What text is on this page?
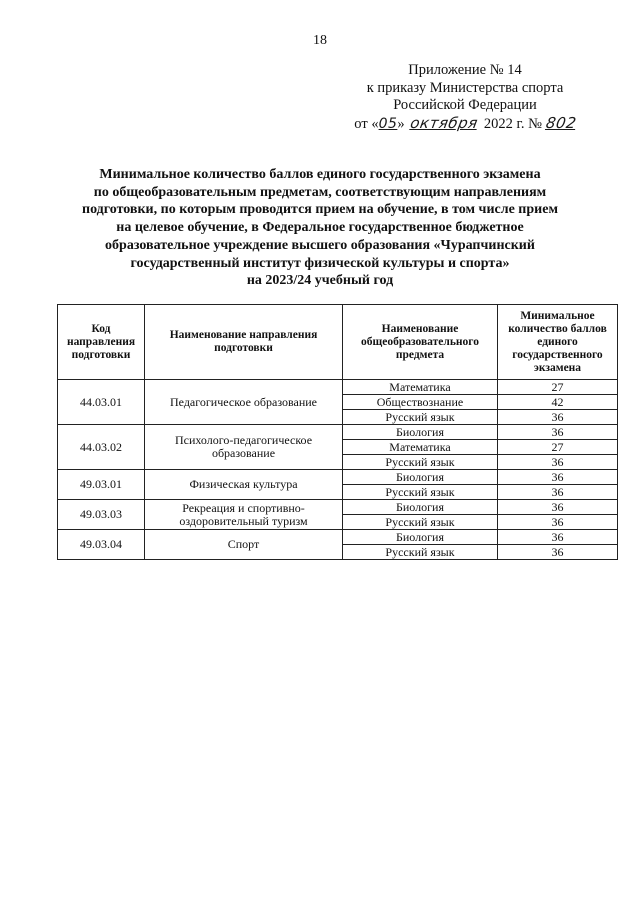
18
Приложение № 14
к приказу Министерства спорта
Российской Федерации
от «05» октября 2022 г. № 802
Минимальное количество баллов единого государственного экзамена
по общеобразовательным предметам, соответствующим направлениям
подготовки, по которым проводится прием на обучение, в том числе прием
на целевое обучение, в Федеральное государственное бюджетное
образовательное учреждение высшего образования «Чурапчинский
государственный институт физической культуры и спорта»
на 2023/24 учебный год
Код направления подготовки	Наименование направления подготовки	Наименование общеобразовательного предмета	Минимальное количество баллов единого государственного экзамена
44.03.01	Педагогическое образование	Математика	27
		Обществознание	42
		Русский язык	36
44.03.02	Психолого-педагогическое образование	Биология	36
		Математика	27
		Русский язык	36
49.03.01	Физическая культура	Биология	36
		Русский язык	36
49.03.03	Рекреация и спортивно-оздоровительный туризм	Биология	36
		Русский язык	36
49.03.04	Спорт	Биология	36
		Русский язык	36
